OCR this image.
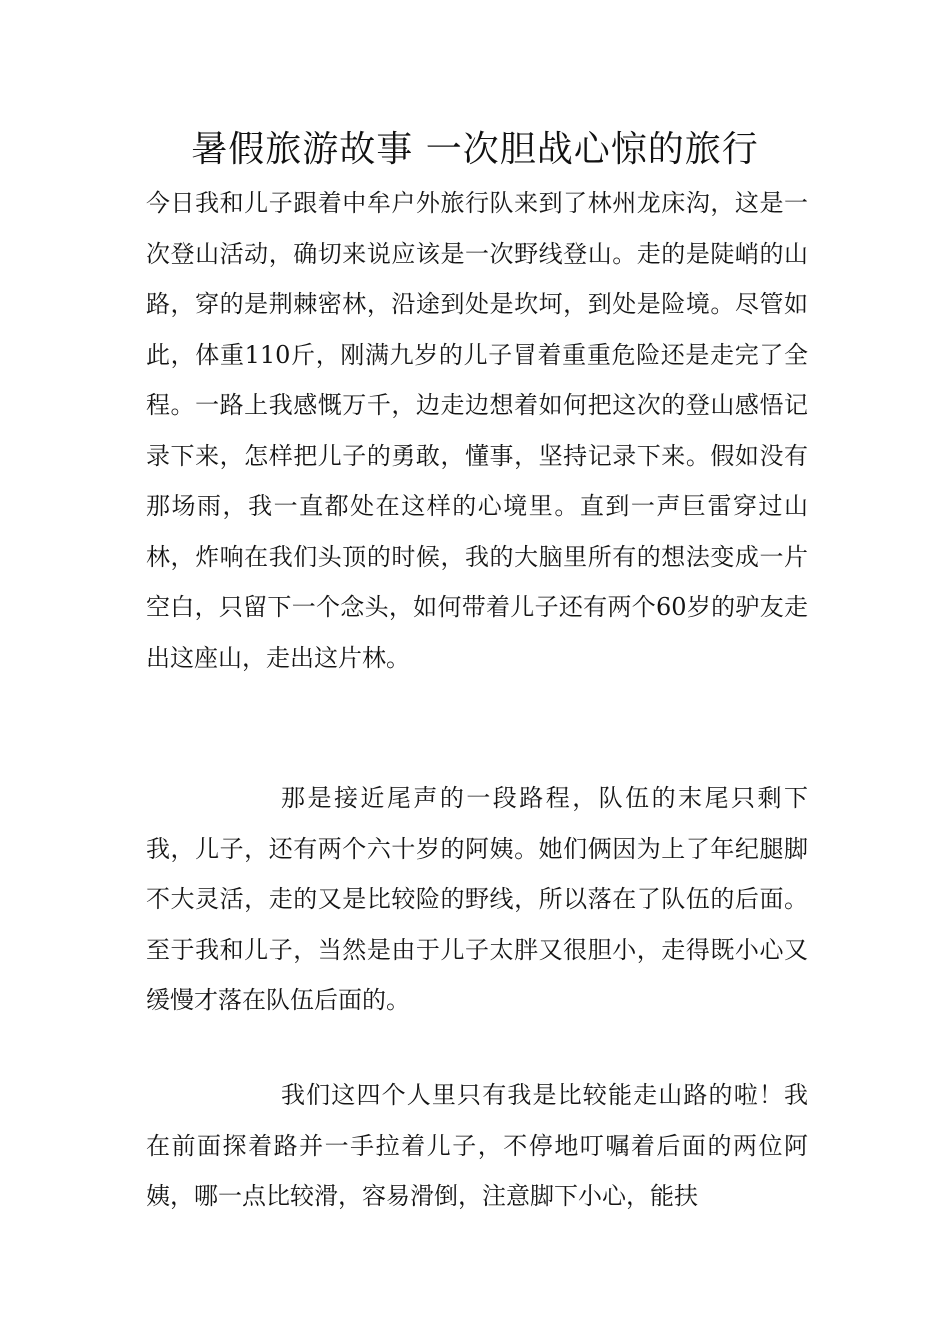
暑假旅游故事 一次胆战心惊的旅行

今日我和儿子跟着中牟户外旅行队来到了林州龙床沟，这是一次登山活动，确切来说应该是一次野线登山。走的是陡峭的山路，穿的是荆棘密林，沿途到处是坎坷，到处是险境。尽管如此，体重110斤，刚满九岁的儿子冒着重重危险还是走完了全程。一路上我感慨万千，边走边想着如何把这次的登山感悟记录下来，怎样把儿子的勇敢，懂事，坚持记录下来。假如没有那场雨，我一直都处在这样的心境里。直到一声巨雷穿过山林，炸响在我们头顶的时候，我的大脑里所有的想法变成一片空白，只留下一个念头，如何带着儿子还有两个60岁的驴友走出这座山，走出这片林。

那是接近尾声的一段路程，队伍的末尾只剩下我，儿子，还有两个六十岁的阿姨。她们俩因为上了年纪腿脚不大灵活，走的又是比较险的野线，所以落在了队伍的后面。至于我和儿子，当然是由于儿子太胖又很胆小，走得既小心又缓慢才落在队伍后面的。

我们这四个人里只有我是比较能走山路的啦！我在前面探着路并一手拉着儿子，不停地叮嘱着后面的两位阿姨，哪一点比较滑，容易滑倒，注意脚下小心，能扶
